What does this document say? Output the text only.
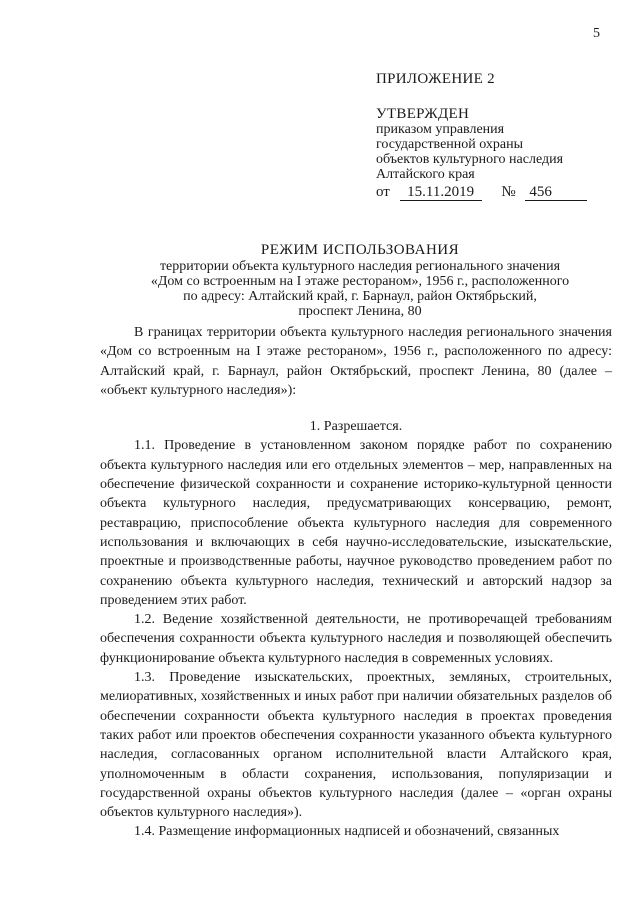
5
ПРИЛОЖЕНИЕ 2
УТВЕРЖДЕН
приказом управления
государственной охраны
объектов культурного наследия
Алтайского края
от 15.11.2019 № 456
РЕЖИМ ИСПОЛЬЗОВАНИЯ
территории объекта культурного наследия регионального значения
«Дом со встроенным на I этаже рестораном», 1956 г., расположенного
по адресу: Алтайский край, г. Барнаул, район Октябрьский,
проспект Ленина, 80

В границах территории объекта культурного наследия регионального значения «Дом со встроенным на I этаже рестораном», 1956 г., расположенного по адресу: Алтайский край, г. Барнаул, район Октябрьский, проспект Ленина, 80 (далее – «объект культурного наследия»):

1. Разрешается.

1.1. Проведение в установленном законом порядке работ по сохранению объекта культурного наследия или его отдельных элементов – мер, направленных на обеспечение физической сохранности и сохранение историко-культурной ценности объекта культурного наследия, предусматривающих консервацию, ремонт, реставрацию, приспособление объекта культурного наследия для современного использования и включающих в себя научно-исследовательские, изыскательские, проектные и производственные работы, научное руководство проведением работ по сохранению объекта культурного наследия, технический и авторский надзор за проведением этих работ.

1.2. Ведение хозяйственной деятельности, не противоречащей требованиям обеспечения сохранности объекта культурного наследия и позволяющей обеспечить функционирование объекта культурного наследия в современных условиях.

1.3. Проведение изыскательских, проектных, земляных, строительных, мелиоративных, хозяйственных и иных работ при наличии обязательных разделов об обеспечении сохранности объекта культурного наследия в проектах проведения таких работ или проектов обеспечения сохранности указанного объекта культурного наследия, согласованных органом исполнительной власти Алтайского края, уполномоченным в области сохранения, использования, популяризации и государственной охраны объектов культурного наследия (далее – «орган охраны объектов культурного наследия»).

1.4. Размещение информационных надписей и обозначений, связанных
